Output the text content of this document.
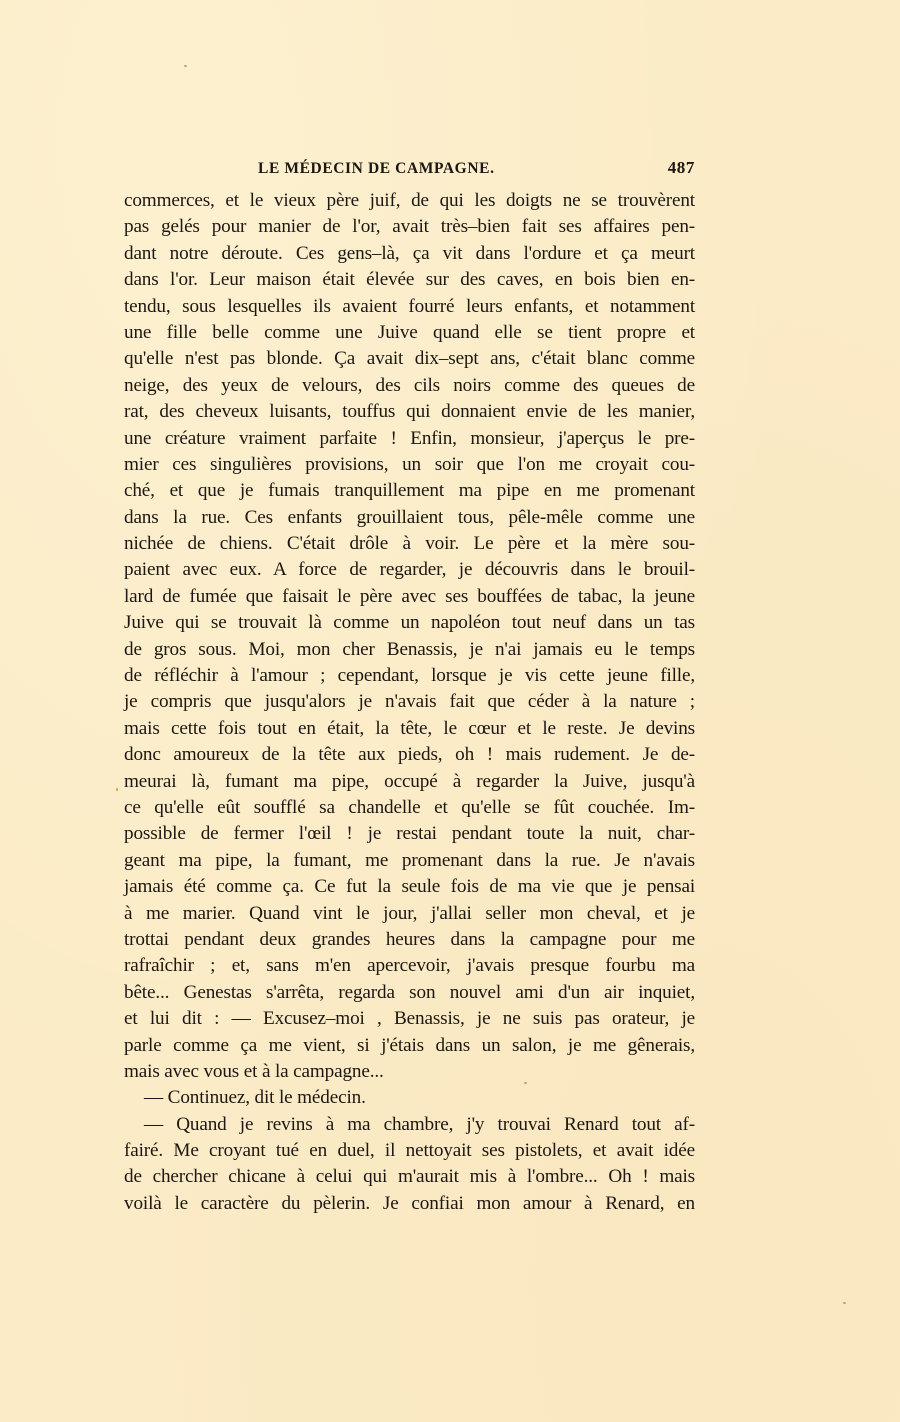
LE MÉDECIN DE CAMPAGNE.	487
commerces, et le vieux père juif, de qui les doigts ne se trouvèrent
pas gelés pour manier de l'or, avait très–bien fait ses affaires pen-
dant notre déroute. Ces gens–là, ça vit dans l'ordure et ça meurt
dans l'or. Leur maison était élevée sur des caves, en bois bien en-
tendu, sous lesquelles ils avaient fourré leurs enfants, et notamment
une fille belle comme une Juive quand elle se tient propre et
qu'elle n'est pas blonde. Ça avait dix–sept ans, c'était blanc comme
neige, des yeux de velours, des cils noirs comme des queues de
rat, des cheveux luisants, touffus qui donnaient envie de les manier,
une créature vraiment parfaite ! Enfin, monsieur, j'aperçus le pre-
mier ces singulières provisions, un soir que l'on me croyait cou-
ché, et que je fumais tranquillement ma pipe en me promenant
dans la rue. Ces enfants grouillaient tous, pêle-mêle comme une
nichée de chiens. C'était drôle à voir. Le père et la mère sou-
paient avec eux. A force de regarder, je découvris dans le brouil-
lard de fumée que faisait le père avec ses bouffées de tabac, la jeune
Juive qui se trouvait là comme un napoléon tout neuf dans un tas
de gros sous. Moi, mon cher Benassis, je n'ai jamais eu le temps
de réfléchir à l'amour ; cependant, lorsque je vis cette jeune fille,
je compris que jusqu'alors je n'avais fait que céder à la nature ;
mais cette fois tout en était, la tête, le cœur et le reste. Je devins
donc amoureux de la tête aux pieds, oh ! mais rudement. Je de-
meurai là, fumant ma pipe, occupé à regarder la Juive, jusqu'à
ce qu'elle eût soufflé sa chandelle et qu'elle se fût couchée. Im-
possible de fermer l'œil ! je restai pendant toute la nuit, char-
geant ma pipe, la fumant, me promenant dans la rue. Je n'avais
jamais été comme ça. Ce fut la seule fois de ma vie que je pensai
à me marier. Quand vint le jour, j'allai seller mon cheval, et je
trottai pendant deux grandes heures dans la campagne pour me
rafraîchir ; et, sans m'en apercevoir, j'avais presque fourbu ma
bête... Genestas s'arrêta, regarda son nouvel ami d'un air inquiet,
et lui dit : — Excusez–moi , Benassis, je ne suis pas orateur, je
parle comme ça me vient, si j'étais dans un salon, je me gênerais,
mais avec vous et à la campagne...
— Continuez, dit le médecin.
— Quand je revins à ma chambre, j'y trouvai Renard tout af-
fairé. Me croyant tué en duel, il nettoyait ses pistolets, et avait idée
de chercher chicane à celui qui m'aurait mis à l'ombre... Oh ! mais
voilà le caractère du pèlerin. Je confiai mon amour à Renard, en
